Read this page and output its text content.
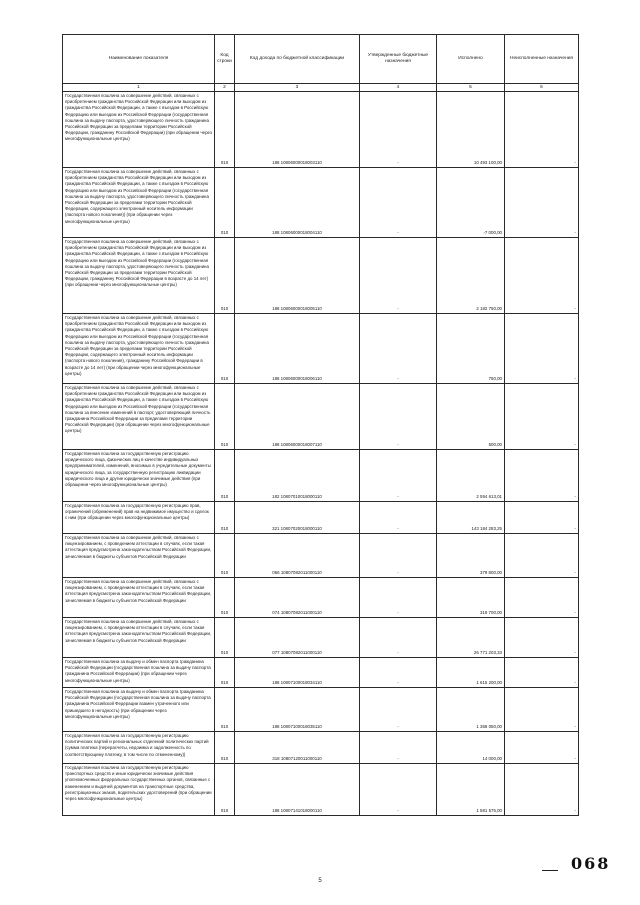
Наименование показателя	Код строки	Код дохода по бюджетной классификации	Утвержденные бюджетные назначения	Исполнено	Неисполненные назначения
1	2	3	4	5	6
Государственная пошлина за совершение действий, связанных с приобретением гражданства Российской Федерации или выходом из гражданства Российской Федерации, а также с въездом в Российскую Федерацию или выездом из Российской Федерации (государственная пошлина за выдачу паспорта, удостоверяющего личность гражданина Российской Федерации за пределами территории Российской Федерации, гражданину Российской Федерации) (при обращении через многофункциональные центры)	010	188 10806000018003110	-	10 493 100,00	-
Государственная пошлина за совершение действий, связанных с приобретением гражданства Российской Федерации или выходом из гражданства Российской Федерации, а также с въездом в Российскую Федерацию или выездом из Российской Федерации (государственная пошлина за выдачу паспорта, удостоверяющего личность гражданина Российской Федерации за пределами территории Российской Федерации, содержащего электронный носитель информации (паспорта нового поколения)) (при обращении через многофункциональные центры)	010	188 10806000018004110	-	-7 000,00	-
Государственная пошлина за совершение действий, связанных с приобретением гражданства Российской Федерации или выходом из гражданства Российской Федерации, а также с въездом в Российскую Федерацию или выездом из Российской Федерации (государственная пошлина за выдачу паспорта, удостоверяющего личность гражданина Российской Федерации за пределами территории Российской Федерации, гражданину Российской Федерации в возрасте до 14 лет) (при обращении через многофункциональные центры)	010	188 10806000018005110	-	2 182 750,00	-
Государственная пошлина за совершение действий, связанных с приобретением гражданства Российской Федерации или выходом из гражданства Российской Федерации, а также с въездом в Российскую Федерацию или выездом из Российской Федерации (государственная пошлина за выдачу паспорта, удостоверяющего личность гражданина Российской Федерации за пределами территории Российской Федерации, содержащего электронный носитель информации (паспорта нового поколения), гражданину Российской Федерации в возрасте до 14 лет) (при обращении через многофункциональные центры)	010	188 10806000018006110	-	750,00	-
Государственная пошлина за совершение действий, связанных с приобретением гражданства Российской Федерации или выходом из гражданства Российской Федерации, а также с въездом в Российскую Федерацию или выездом из Российской Федерации (государственная пошлина за внесение изменений в паспорт, удостоверяющий личность гражданина Российской Федерации за пределами территории Российской Федерации) (при обращении через многофункциональные центры)	010	188 10806000018007110	-	500,00	-
Государственная пошлина за государственную регистрацию юридического лица, физических лиц в качестве индивидуальных предпринимателей, изменений, вносимых в учредительные документы юридического лица, за государственную регистрацию ликвидации юридического лица и другие юридически значимые действия (при обращении через многофункциональные центры)	010	182 10807010018000110	-	2 594 613,01	-
Государственная пошлина за государственную регистрацию прав, ограничений (обременений) прав на недвижимое имущество и сделок с ним (при обращении через многофункциональные центры)	010	321 10807020018000110	-	143 184 283,25	-
Государственная пошлина за совершение действий, связанных с лицензированием, с проведением аттестации в случаях, если такая аттестация предусмотрена законодательством Российской Федерации, зачисляемая в бюджеты субъектов Российской Федерации	010	066 10807082011000110	-	379 800,00	-
Государственная пошлина за совершение действий, связанных с лицензированием, с проведением аттестации в случаях, если такая аттестация предусмотрена законодательством Российской Федерации, зачисляемая в бюджеты субъектов Российской Федерации	010	074 10807082011000110	-	319 700,00	-
Государственная пошлина за совершение действий, связанных с лицензированием, с проведением аттестации в случаях, если такая аттестация предусмотрена законодательством Российской Федерации, зачисляемая в бюджеты субъектов Российской Федерации	010	077 10807082011000110	-	26 771 203,33	-
Государственная пошлина за выдачу и обмен паспорта гражданина Российской Федерации (государственная пошлина за выдачу паспорта гражданина Российской Федерации) (при обращении через многофункциональные центры)	010	188 10807100018034110	-	1 615 200,00	-
Государственная пошлина за выдачу и обмен паспорта гражданина Российской Федерации (государственная пошлина за выдачу паспорта гражданина Российской Федерации взамен утраченного или пришедшего в негодность) (при обращении через многофункциональные центры)	010	188 10807100018035110	-	1 368 050,00	-
Государственная пошлина за государственную регистрацию политических партий и региональных отделений политических партий (сумма платежа (перерасчеты, недоимка и задолженность по соответствующему платежу, в том числе по отмененному))	010	318 10807120011000110	-	14 000,00	-
Государственная пошлина за государственную регистрацию транспортных средств и иные юридически значимые действия уполномоченных федеральных государственных органов, связанные с изменением и выдачей документов на транспортные средства, регистрационных знаков, водительских удостоверений (при обращении через многофункциональные центры)	010	188 10807141018000110	-	1 581 575,00	-
068
5
